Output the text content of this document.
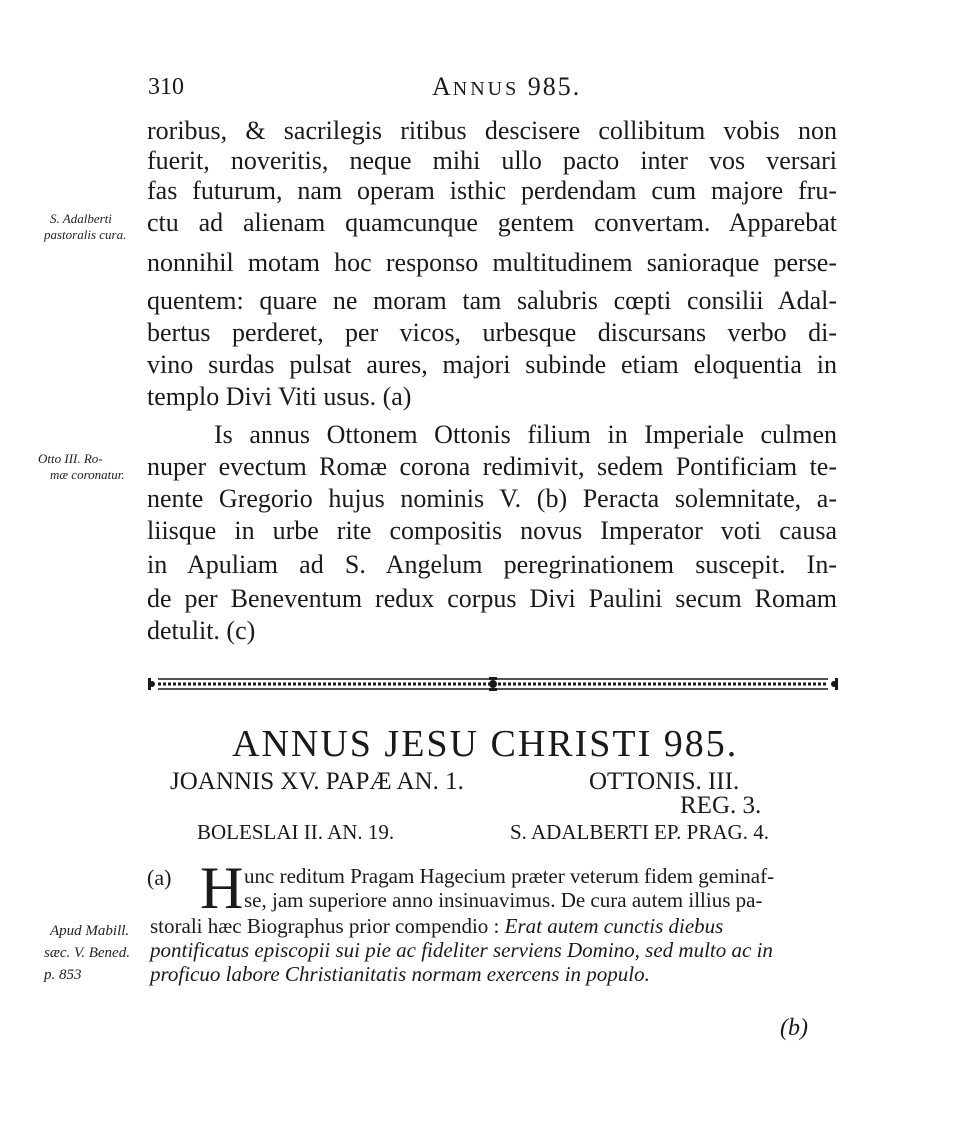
310	ANNUS 985.
roribus, & sacrilegis ritibus descisere collibitum vobis non
fuerit, noveritis, neque mihi ullo pacto inter vos versari
fas futurum, nam operam isthic perdendam cum majore fru-
ctu ad alienam quamcunque gentem convertam. Apparebat
nonnihil motam hoc responso multitudinem sanioraque perse-
quentem: quare ne moram tam salubris cœpti consilii Adal-
bertus perderet, per vicos, urbesque discursans verbo di-
vino surdas pulsat aures, majori subinde etiam eloquentia in
templo Divi Viti usus. (a)
Is annus Ottonem Ottonis filium in Imperiale culmen
nuper evectum Romæ corona redimivit, sedem Pontificiam te-
nente Gregorio hujus nominis V. (b) Peracta solemnitate, a-
liisque in urbe rite compositis novus Imperator voti causa
in Apuliam ad S. Angelum peregrinationem suscepit. In-
de per Beneventum redux corpus Divi Paulini secum Romam
detulit. (c)
S. Adalberti
pastoralis cura.
Otto III. Ro-
mæ coronatur.
ANNUS JESU CHRISTI 985.
JOANNIS XV. PAPÆ AN. 1.	OTTONIS. III.
REG. 3.
BOLESLAI II. AN. 19.	S. ADALBERTI EP. PRAG. 4.
(a) H unc reditum Pragam Hagecium præter veterum fidem geminaf-
se, jam superiore anno insinuavimus. De cura autem illius pa-
storali hæc Biographus prior compendio : Erat autem cunctis diebus
pontificatus episcopii sui pie ac fideliter serviens Domino, sed multo ac in
proficuo labore Christianitatis normam exercens in populo.
Apud Mabill.
sæc. V. Bened.
p. 853
(b)
